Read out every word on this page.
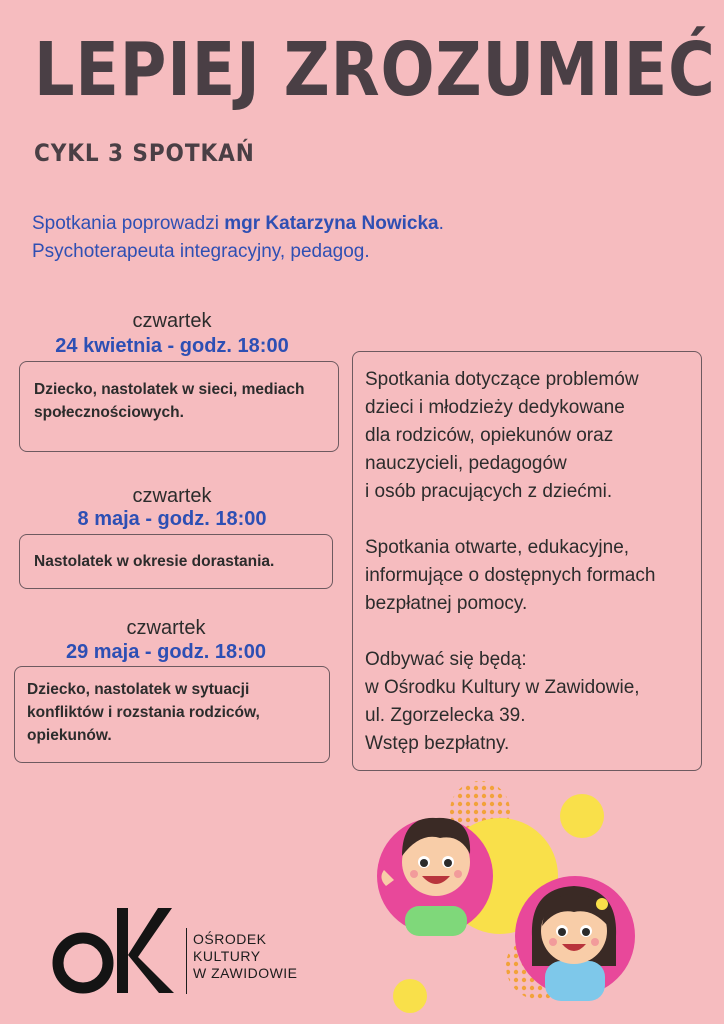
LEPIEJ ZROZUMIEĆ
CYKL 3 SPOTKAŃ
Spotkania poprowadzi mgr Katarzyna Nowicka.
Psychoterapeuta integracyjny, pedagog.
czwartek
24 kwietnia - godz. 18:00
Dziecko, nastolatek w sieci, mediach społecznościowych.
czwartek
8 maja - godz. 18:00
Nastolatek w okresie dorastania.
czwartek
29 maja - godz. 18:00
Dziecko, nastolatek w sytuacji konfliktów i rozstania rodziców, opiekunów.

Spotkania dotyczące problemów
dzieci i młodzieży dedykowane
dla rodziców, opiekunów oraz
nauczycieli, pedagogów
i osób pracujących z dziećmi.

Spotkania otwarte, edukacyjne,
informujące o dostępnych formach
bezpłatnej pomocy.

Odbywać się będą:
w Ośrodku Kultury w Zawidowie,
ul. Zgorzelecka 39.
Wstęp bezpłatny.

OŚRODEK
KULTURY
W ZAWIDOWIE
